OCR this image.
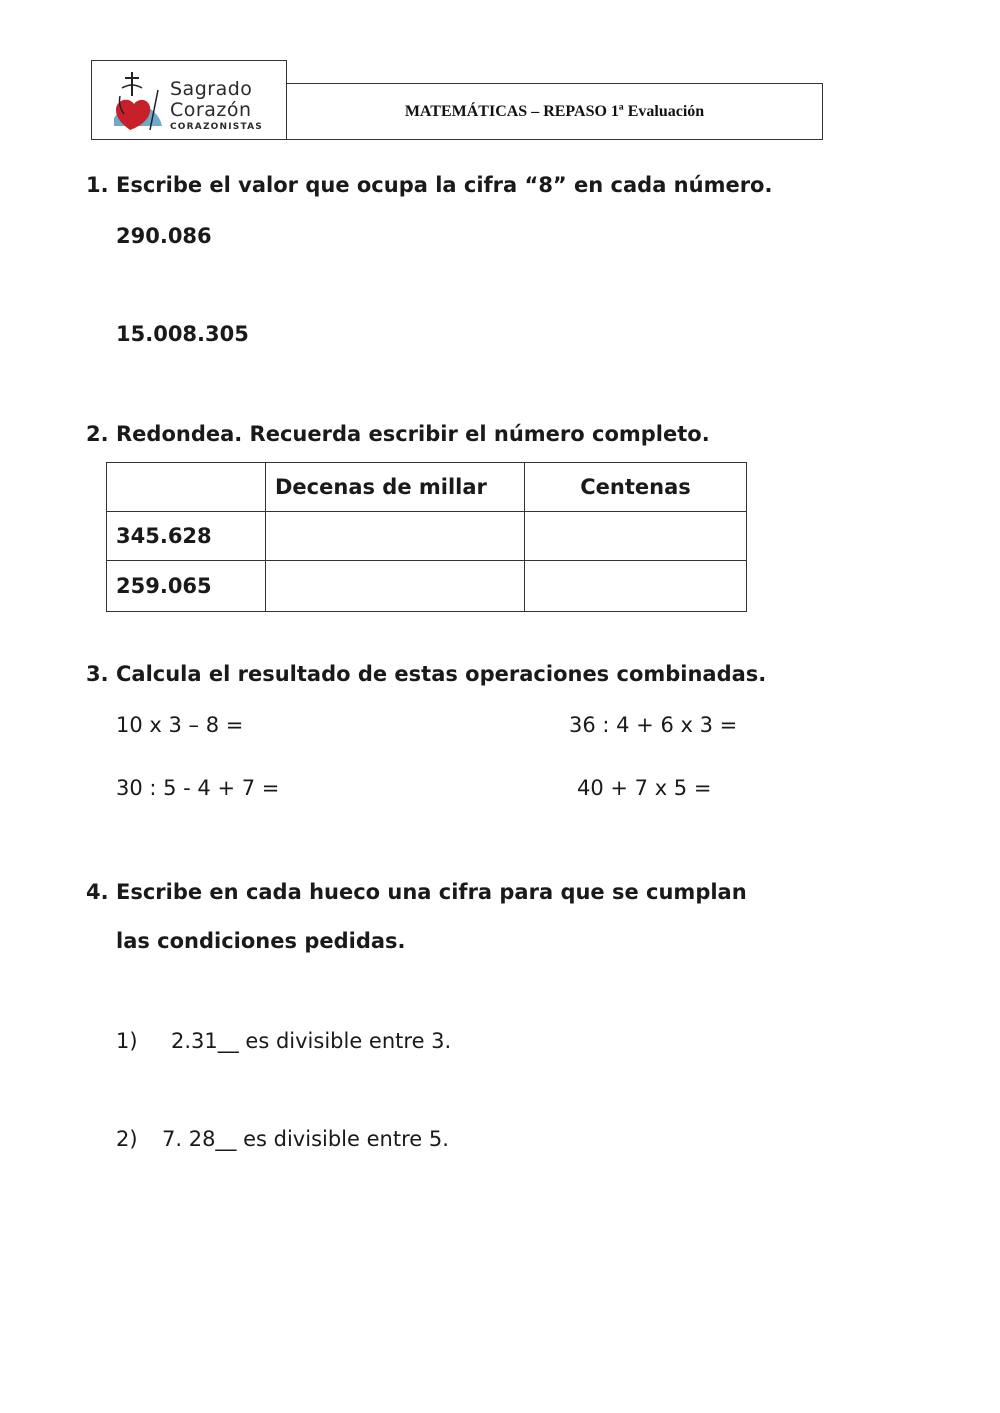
Sagrado
Corazón
CORAZONISTAS
MATEMÁTICAS – REPASO 1ª Evaluación
1. Escribe el valor que ocupa la cifra “8” en cada número.
290.086
15.008.305
2. Redondea. Recuerda escribir el número completo.
	Decenas de millar	Centenas
345.628		
259.065		
3. Calcula el resultado de estas operaciones combinadas.
10 x 3 – 8 =	36 : 4 + 6 x 3 =
30 : 5 - 4 + 7 =	40 + 7 x 5 =
4. Escribe en cada hueco una cifra para que se cumplan
las condiciones pedidas.
1) 2.31__ es divisible entre 3.
2) 7. 28__ es divisible entre 5.
